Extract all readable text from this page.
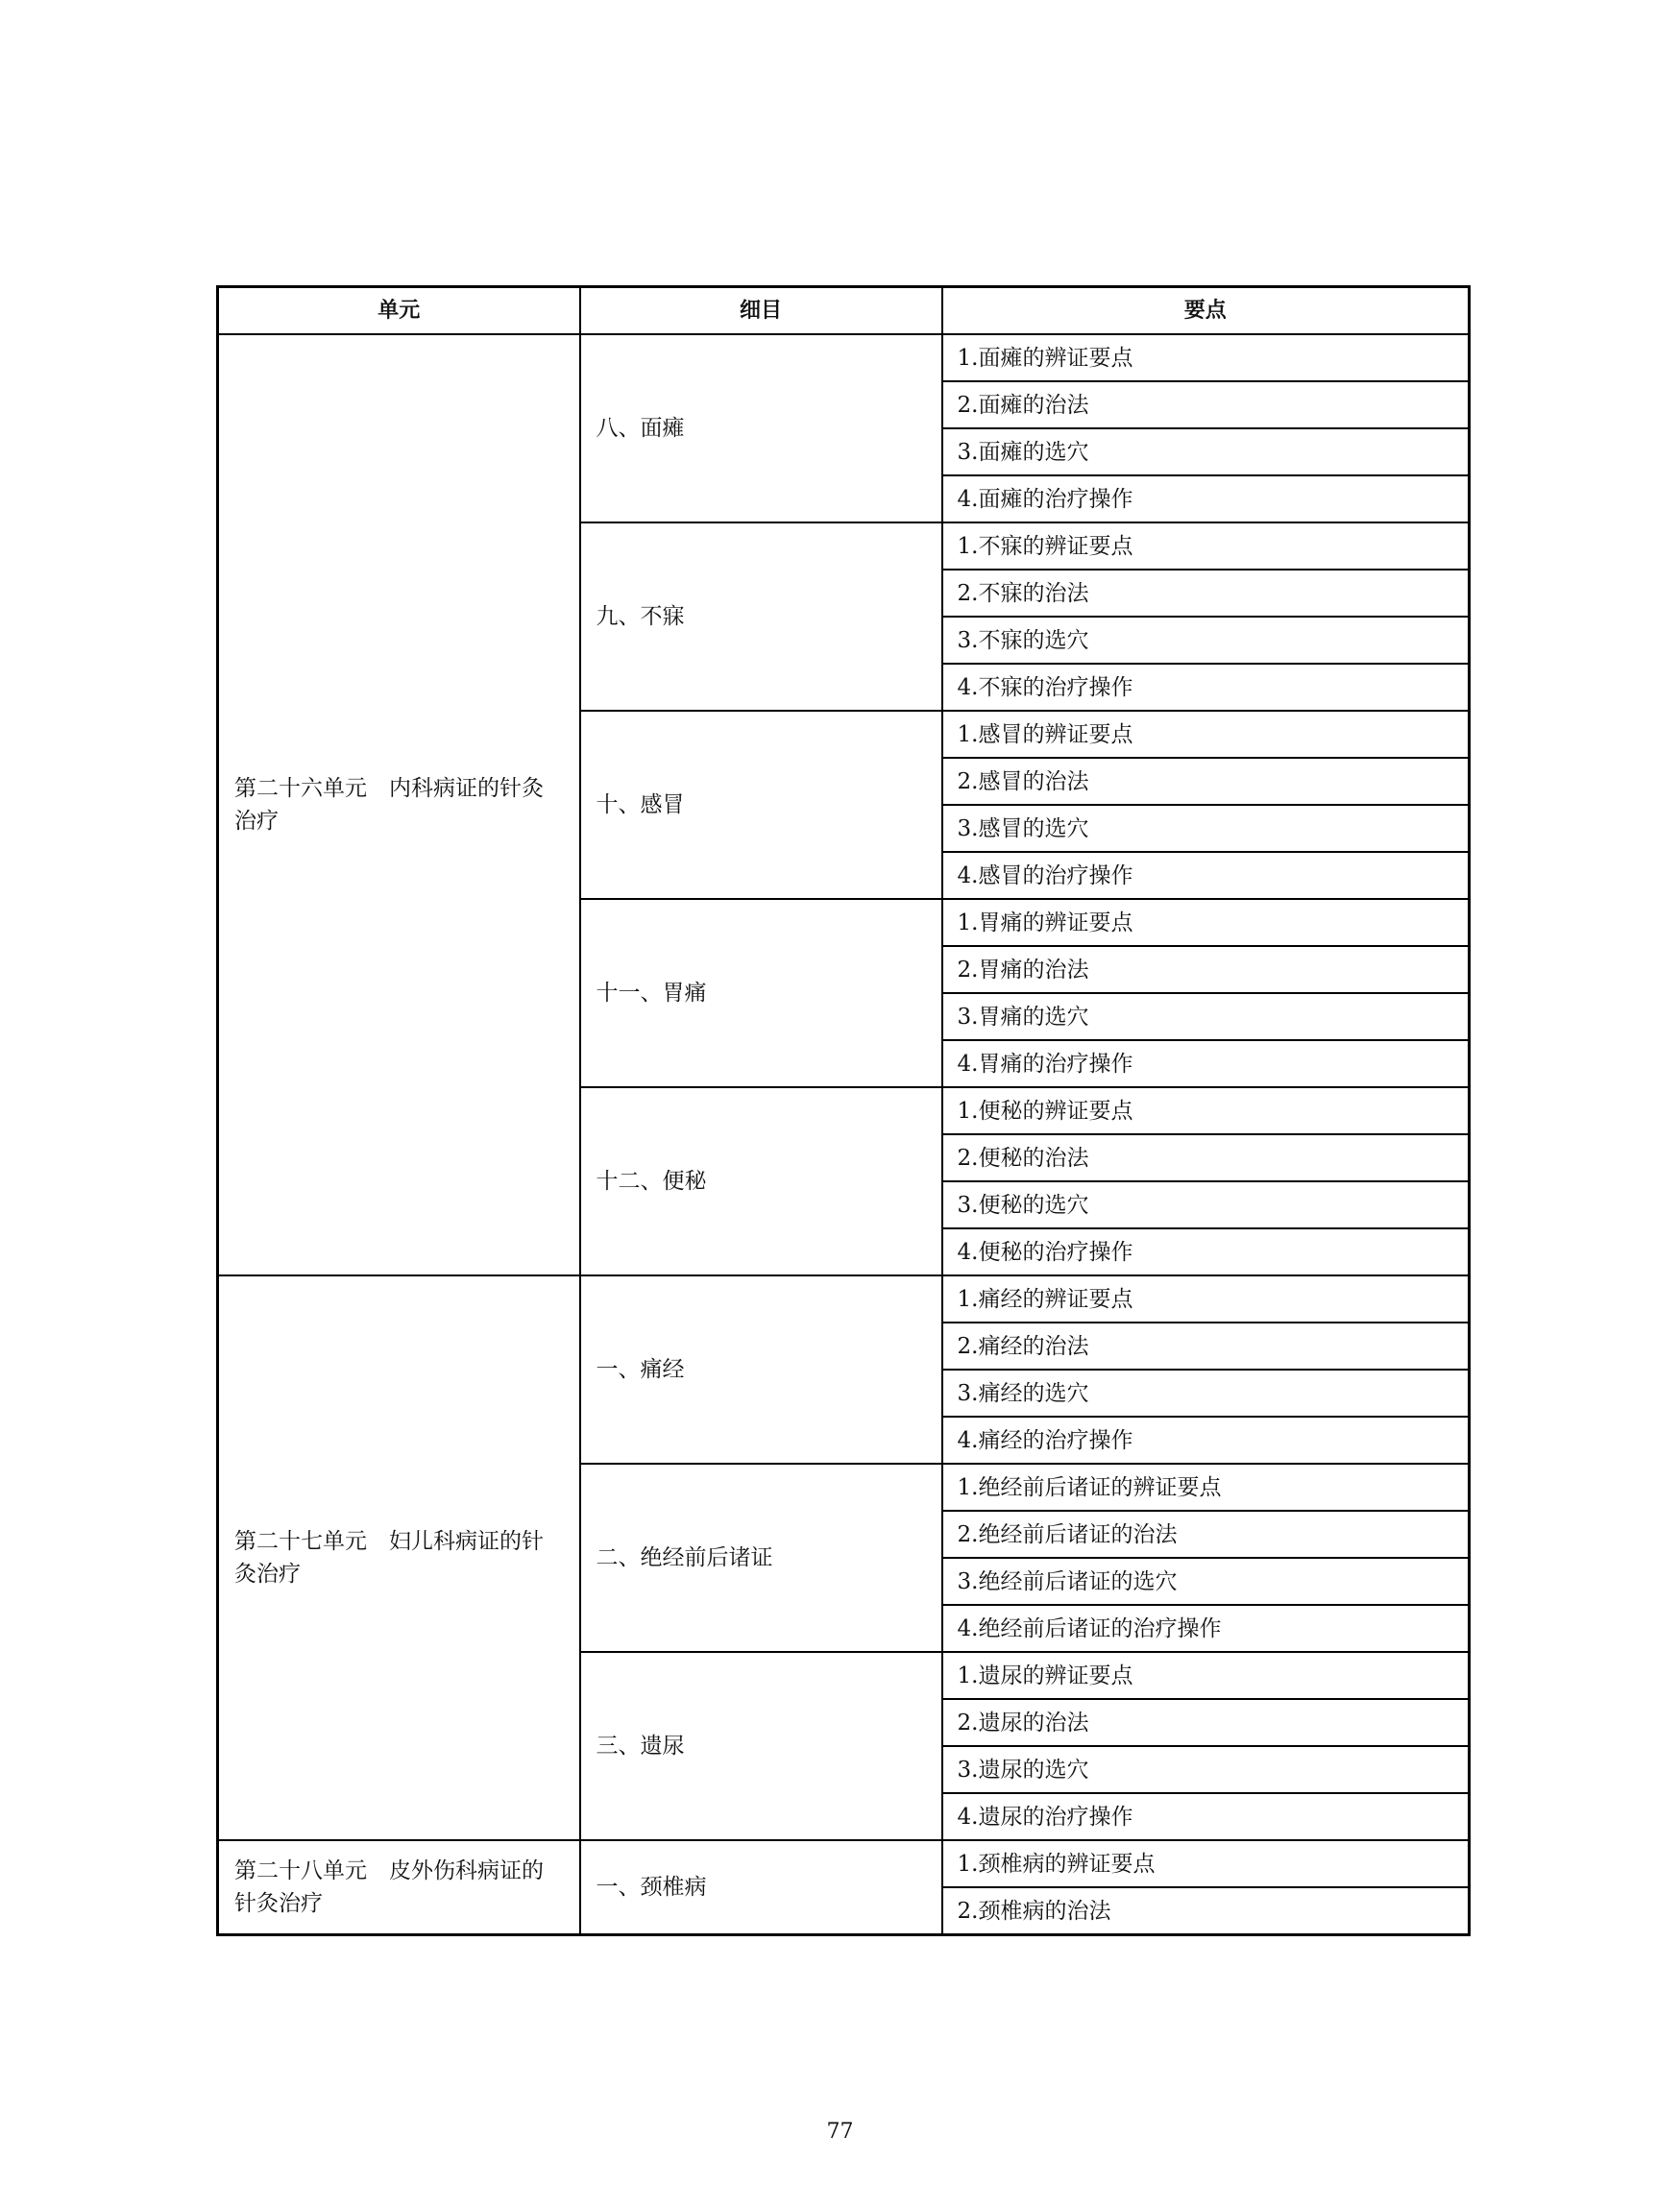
单元	细目	要点
第二十六单元　内科病证的针灸治疗	八、面瘫	1.面瘫的辨证要点
		2.面瘫的治法
		3.面瘫的选穴
		4.面瘫的治疗操作
	九、不寐	1.不寐的辨证要点
		2.不寐的治法
		3.不寐的选穴
		4.不寐的治疗操作
	十、感冒	1.感冒的辨证要点
		2.感冒的治法
		3.感冒的选穴
		4.感冒的治疗操作
	十一、胃痛	1.胃痛的辨证要点
		2.胃痛的治法
		3.胃痛的选穴
		4.胃痛的治疗操作
	十二、便秘	1.便秘的辨证要点
		2.便秘的治法
		3.便秘的选穴
		4.便秘的治疗操作
第二十七单元　妇儿科病证的针灸治疗	一、痛经	1.痛经的辨证要点
		2.痛经的治法
		3.痛经的选穴
		4.痛经的治疗操作
	二、绝经前后诸证	1.绝经前后诸证的辨证要点
		2.绝经前后诸证的治法
		3.绝经前后诸证的选穴
		4.绝经前后诸证的治疗操作
	三、遗尿	1.遗尿的辨证要点
		2.遗尿的治法
		3.遗尿的选穴
		4.遗尿的治疗操作
第二十八单元　皮外伤科病证的针灸治疗	一、颈椎病	1.颈椎病的辨证要点
		2.颈椎病的治法
77
